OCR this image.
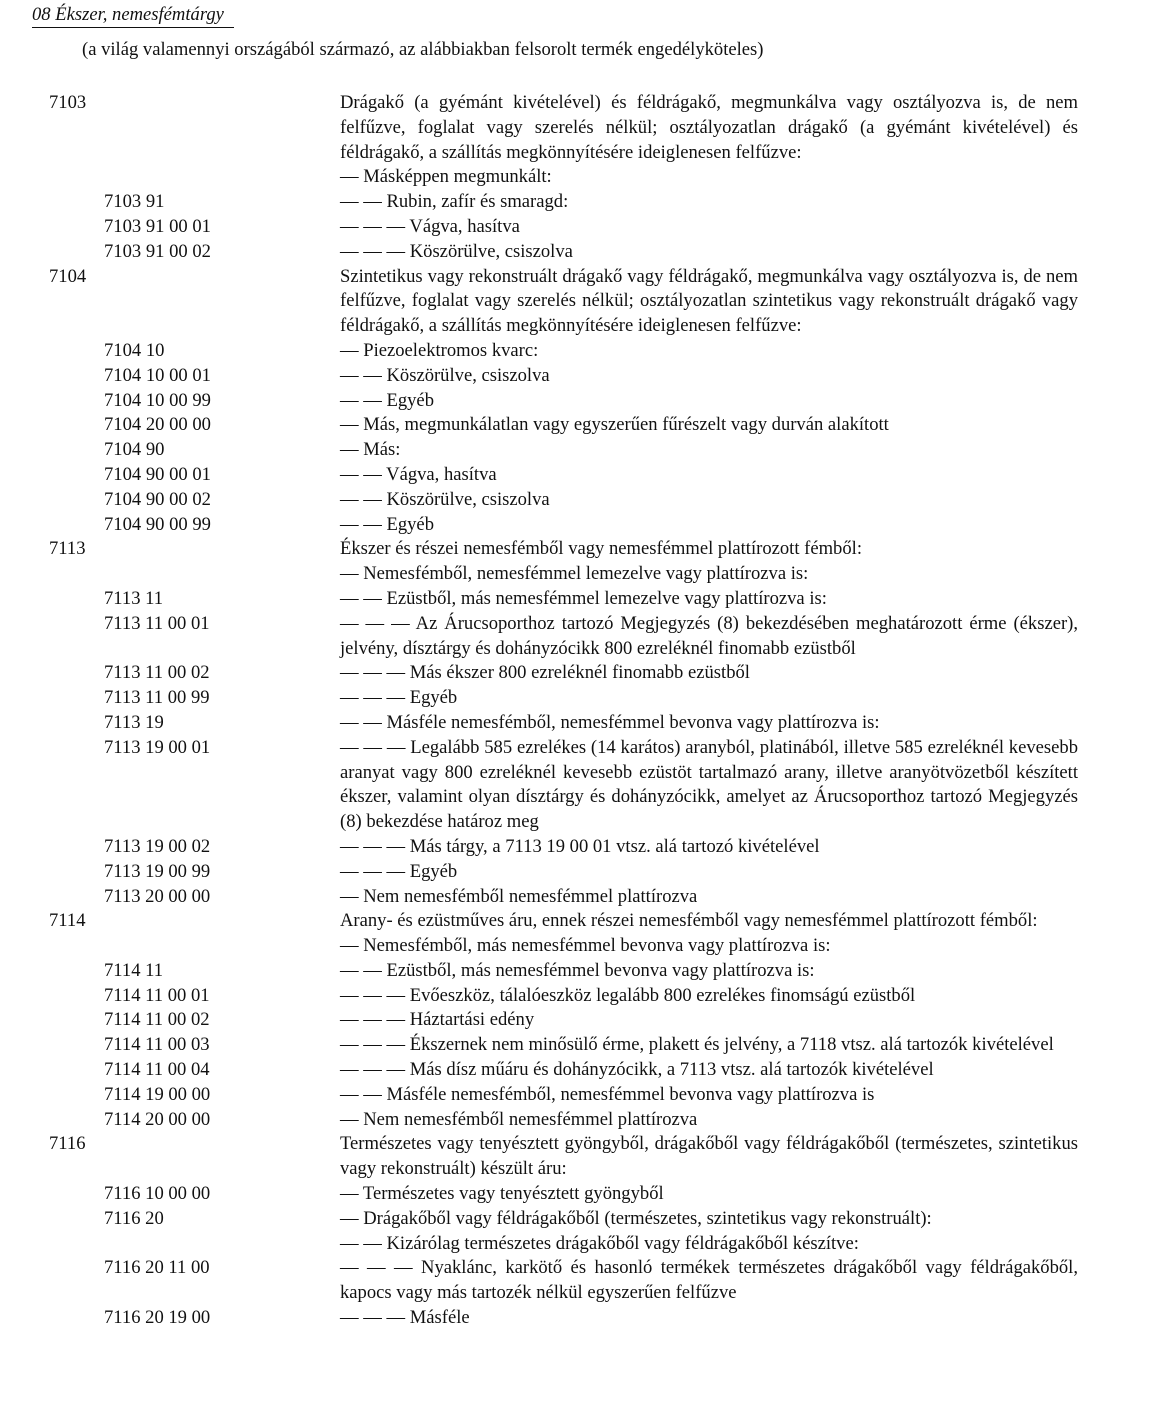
08 Ékszer, nemesfémtárgy
(a világ valamennyi országából származó, az alábbiakban felsorolt termék engedélyköteles)
7103	Drágakő (a gyémánt kivételével) és féldrágakő, megmunkálva vagy osztályozva is, de nem felfűzve, foglalat vagy szerelés nélkül; osztályozatlan drágakő (a gyémánt kivételével) és féldrágakő, a szállítás megkönnyítésére ideiglenesen felfűzve:
— Másképpen megmunkált:
7103 91	— — Rubin, zafír és smaragd:
7103 91 00 01	— — — Vágva, hasítva
7103 91 00 02	— — — Köszörülve, csiszolva
7104	Szintetikus vagy rekonstruált drágakő vagy féldrágakő, megmunkálva vagy osztályozva is, de nem felfűzve, foglalat vagy szerelés nélkül; osztályozatlan szintetikus vagy rekonstruált drágakő vagy féldrágakő, a szállítás megkönnyítésére ideiglenesen felfűzve:
7104 10	— Piezoelektromos kvarc:
7104 10 00 01	— — Köszörülve, csiszolva
7104 10 00 99	— — Egyéb
7104 20 00 00	— Más, megmunkálatlan vagy egyszerűen fűrészelt vagy durván alakított
7104 90	— Más:
7104 90 00 01	— — Vágva, hasítva
7104 90 00 02	— — Köszörülve, csiszolva
7104 90 00 99	— — Egyéb
7113	Ékszer és részei nemesfémből vagy nemesfémmel plattírozott fémből:
— Nemesfémből, nemesfémmel lemezelve vagy plattírozva is:
7113 11	— — Ezüstből, más nemesfémmel lemezelve vagy plattírozva is:
7113 11 00 01	— — — Az Árucsoporthoz tartozó Megjegyzés (8) bekezdésében meghatározott érme (ékszer), jelvény, dísztárgy és dohányzócikk 800 ezreléknél finomabb ezüstből
7113 11 00 02	— — — Más ékszer 800 ezreléknél finomabb ezüstből
7113 11 00 99	— — — Egyéb
7113 19	— — Másféle nemesfémből, nemesfémmel bevonva vagy plattírozva is:
7113 19 00 01	— — — Legalább 585 ezrelékes (14 karátos) aranyból, platinából, illetve 585 ezreléknél kevesebb aranyat vagy 800 ezreléknél kevesebb ezüstöt tartalmazó arany, illetve aranyötvözetből készített ékszer, valamint olyan dísztárgy és dohányzócikk, amelyet az Árucsoporthoz tartozó Megjegyzés (8) bekezdése határoz meg
7113 19 00 02	— — — Más tárgy, a 7113 19 00 01 vtsz. alá tartozó kivételével
7113 19 00 99	— — — Egyéb
7113 20 00 00	— Nem nemesfémből nemesfémmel plattírozva
7114	Arany- és ezüstműves áru, ennek részei nemesfémből vagy nemesfémmel plattírozott fémből:
— Nemesfémből, más nemesfémmel bevonva vagy plattírozva is:
7114 11	— — Ezüstből, más nemesfémmel bevonva vagy plattírozva is:
7114 11 00 01	— — — Evőeszköz, tálalóeszköz legalább 800 ezrelékes finomságú ezüstből
7114 11 00 02	— — — Háztartási edény
7114 11 00 03	— — — Ékszernek nem minősülő érme, plakett és jelvény, a 7118 vtsz. alá tartozók kivételével
7114 11 00 04	— — — Más dísz műáru és dohányzócikk, a 7113 vtsz. alá tartozók kivételével
7114 19 00 00	— — Másféle nemesfémből, nemesfémmel bevonva vagy plattírozva is
7114 20 00 00	— Nem nemesfémből nemesfémmel plattírozva
7116	Természetes vagy tenyésztett gyöngyből, drágakőből vagy féldrágakőből (természetes, szintetikus vagy rekonstruált) készült áru:
7116 10 00 00	— Természetes vagy tenyésztett gyöngyből
7116 20	— Drágakőből vagy féldrágakőből (természetes, szintetikus vagy rekonstruált):
— — Kizárólag természetes drágakőből vagy féldrágakőből készítve:
7116 20 11 00	— — — Nyaklánc, karkötő és hasonló termékek természetes drágakőből vagy féldrágakőből, kapocs vagy más tartozék nélkül egyszerűen felfűzve
7116 20 19 00	— — — Másféle
